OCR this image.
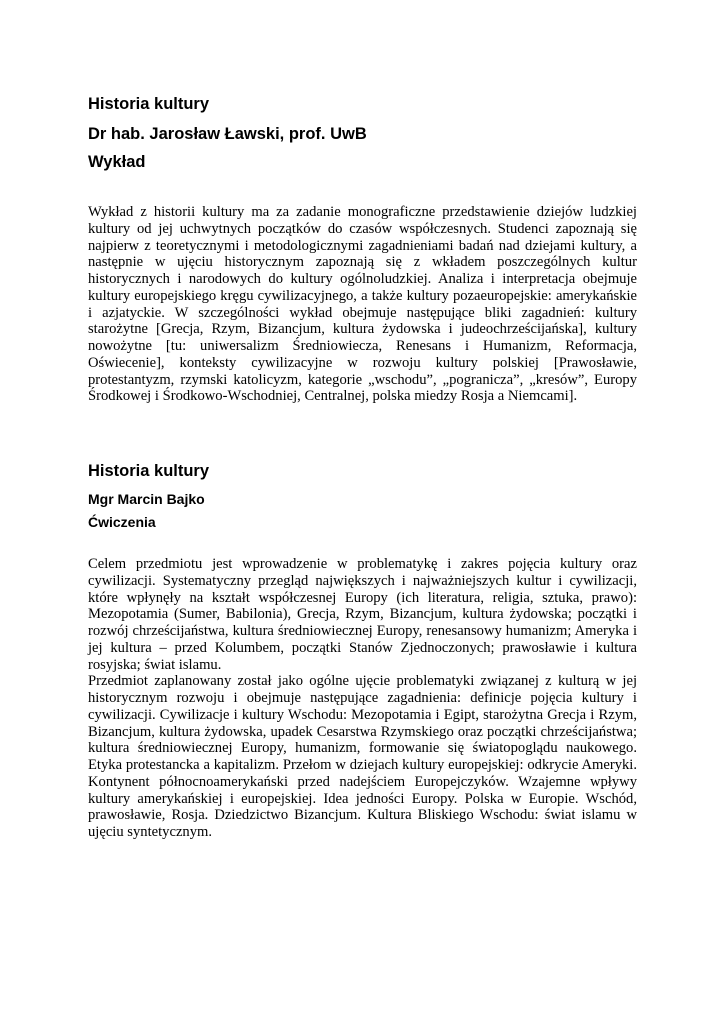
Historia kultury
Dr hab. Jarosław Ławski, prof. UwB
Wykład
Wykład z historii kultury ma za zadanie monograficzne przedstawienie dziejów ludzkiej
kultury od jej uchwytnych początków do czasów współczesnych. Studenci zapoznają się
najpierw z teoretycznymi i metodologicznymi zagadnieniami badań nad dziejami kultury, a
następnie w ujęciu historycznym zapoznają się z wkładem poszczególnych kultur
historycznych i narodowych do kultury ogólnoludzkiej. Analiza i interpretacja obejmuje
kultury europejskiego kręgu cywilizacyjnego, a także kultury pozaeuropejskie: amerykańskie
i azjatyckie. W szczególności wykład obejmuje następujące bliki zagadnień: kultury
starożytne [Grecja, Rzym, Bizancjum, kultura żydowska i judeochrześcijańska], kultury
nowożytne [tu: uniwersalizm Średniowiecza, Renesans i Humanizm, Reformacja,
Oświecenie], konteksty cywilizacyjne w rozwoju kultury polskiej [Prawosławie,
protestantyzm, rzymski katolicyzm, kategorie „wschodu”, „pogranicza”, „kresów”, Europy
Środkowej i Środkowo-Wschodniej, Centralnej, polska miedzy Rosja a Niemcami].
Historia kultury
Mgr Marcin Bajko
Ćwiczenia
Celem przedmiotu jest wprowadzenie w problematykę i zakres pojęcia kultury oraz
cywilizacji. Systematyczny przegląd największych i najważniejszych kultur i cywilizacji,
które wpłynęły na kształt współczesnej Europy (ich literatura, religia, sztuka, prawo):
Mezopotamia (Sumer, Babilonia), Grecja, Rzym, Bizancjum, kultura żydowska; początki i
rozwój chrześcijaństwa, kultura średniowiecznej Europy, renesansowy humanizm; Ameryka i
jej kultura – przed Kolumbem, początki Stanów Zjednoczonych; prawosławie i kultura
rosyjska; świat islamu.
Przedmiot zaplanowany został jako ogólne ujęcie problematyki związanej z kulturą w jej
historycznym rozwoju i obejmuje następujące zagadnienia: definicje pojęcia kultury i
cywilizacji. Cywilizacje i kultury Wschodu: Mezopotamia i Egipt, starożytna Grecja i Rzym,
Bizancjum, kultura żydowska, upadek Cesarstwa Rzymskiego oraz początki chrześcijaństwa;
kultura średniowiecznej Europy, humanizm, formowanie się światopoglądu naukowego.
Etyka protestancka a kapitalizm. Przełom w dziejach kultury europejskiej: odkrycie Ameryki.
Kontynent północnoamerykański przed nadejściem Europejczyków. Wzajemne wpływy
kultury amerykańskiej i europejskiej. Idea jedności Europy. Polska w Europie. Wschód,
prawosławie, Rosja. Dziedzictwo Bizancjum. Kultura Bliskiego Wschodu: świat islamu w
ujęciu syntetycznym.
